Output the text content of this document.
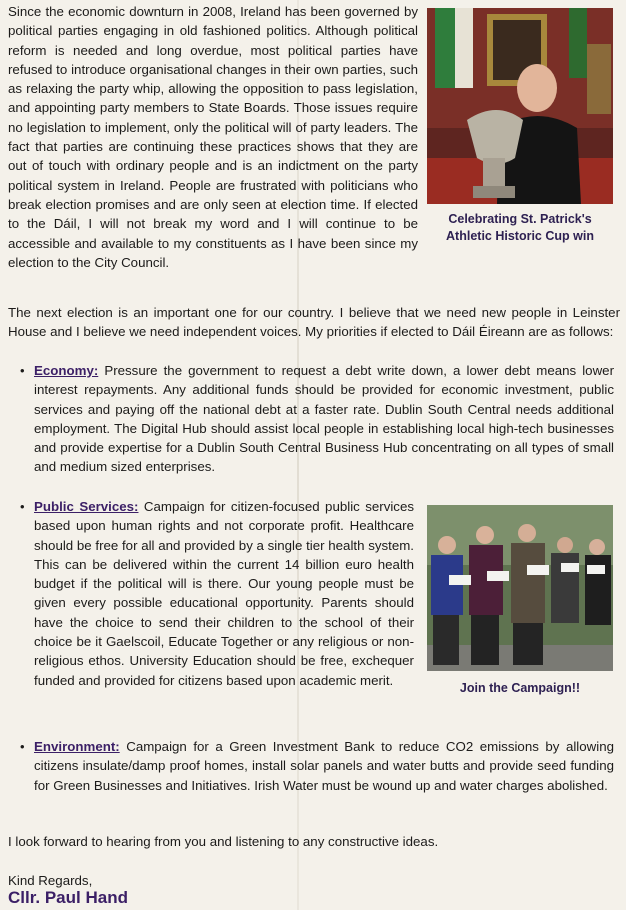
Since the economic downturn in 2008, Ireland has been governed by political parties engaging in old fashioned politics. Although political reform is needed and long overdue, most political parties have refused to introduce organisational changes in their own parties, such as relaxing the party whip, allowing the opposition to pass legislation, and appointing party members to State Boards. Those issues require no legislation to implement, only the political will of party leaders. The fact that parties are continuing these practices shows that they are out of touch with ordinary people and is an indictment on the party political system in Ireland. People are frustrated with politicians who break election promises and are only seen at election time. If elected to the Dáil, I will not break my word and I will continue to be accessible and available to my constituents as I have been since my election to the City Council.

Celebrating St. Patrick's Athletic Historic Cup win

The next election is an important one for our country. I believe that we need new people in Leinster House and I believe we need independent voices. My priorities if elected to Dáil Éireann are as follows:

• Economy: Pressure the government to request a debt write down, a lower debt means lower interest repayments. Any additional funds should be provided for economic investment, public services and paying off the national debt at a faster rate. Dublin South Central needs additional employment. The Digital Hub should assist local people in establishing local high-tech businesses and provide expertise for a Dublin South Central Business Hub concentrating on all types of small and medium sized enterprises.

• Public Services: Campaign for citizen-focused public services based upon human rights and not corporate profit. Healthcare should be free for all and provided by a single tier health system. This can be delivered within the current 14 billion euro health budget if the political will is there. Our young people must be given every possible educational opportunity. Parents should have the choice to send their children to the school of their choice be it Gaelscoil, Educate Together or any religious or non-religious ethos. University Education should be free, exchequer funded and provided for citizens based upon academic merit.

Join the Campaign!!
• Environment: Campaign for a Green Investment Bank to reduce CO2 emissions by allowing citizens insulate/damp proof homes, install solar panels and water butts and provide seed funding for Green Businesses and Initiatives. Irish Water must be wound up and water charges abolished.

I look forward to hearing from you and listening to any constructive ideas.

Kind Regards,

Cllr. Paul Hand
